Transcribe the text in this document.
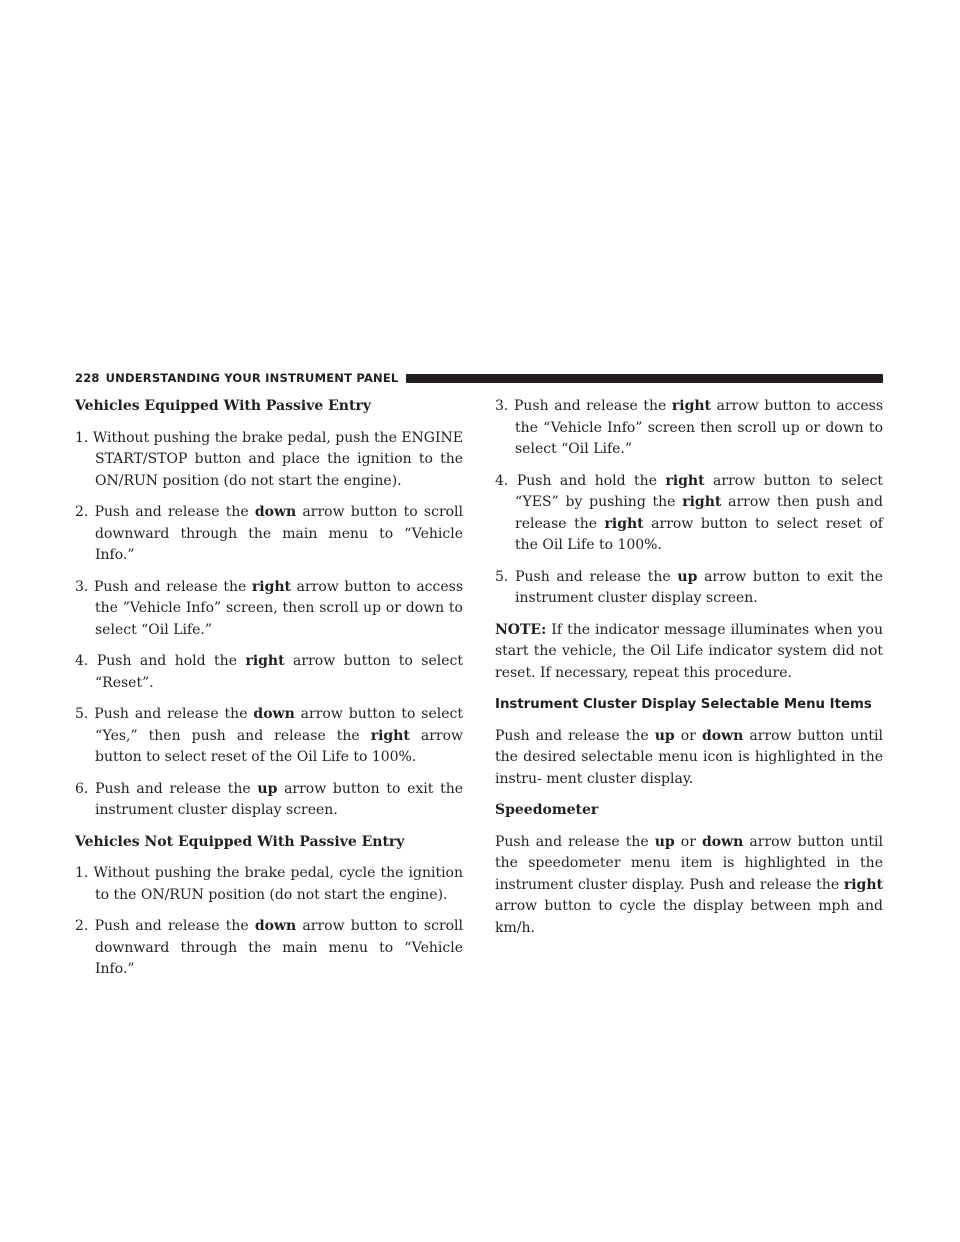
228 UNDERSTANDING YOUR INSTRUMENT PANEL
Vehicles Equipped With Passive Entry
1. Without pushing the brake pedal, push the ENGINE START/STOP button and place the ignition to the ON/RUN position (do not start the engine).
2. Push and release the down arrow button to scroll downward through the main menu to “Vehicle Info.”
3. Push and release the right arrow button to access the ”Vehicle Info” screen, then scroll up or down to select “Oil Life.”
4. Push and hold the right arrow button to select “Reset”.
5. Push and release the down arrow button to select “Yes,” then push and release the right arrow button to select reset of the Oil Life to 100%.
6. Push and release the up arrow button to exit the instrument cluster display screen.
Vehicles Not Equipped With Passive Entry
1. Without pushing the brake pedal, cycle the ignition to the ON/RUN position (do not start the engine).
2. Push and release the down arrow button to scroll downward through the main menu to “Vehicle Info.”
3. Push and release the right arrow button to access the “Vehicle Info” screen then scroll up or down to select “Oil Life.”
4. Push and hold the right arrow button to select “YES” by pushing the right arrow then push and release the right arrow button to select reset of the Oil Life to 100%.
5. Push and release the up arrow button to exit the instrument cluster display screen.

NOTE: If the indicator message illuminates when you start the vehicle, the Oil Life indicator system did not reset. If necessary, repeat this procedure.

Instrument Cluster Display Selectable Menu Items

Push and release the up or down arrow button until the desired selectable menu icon is highlighted in the instru- ment cluster display.

Speedometer

Push and release the up or down arrow button until the speedometer menu item is highlighted in the instrument cluster display. Push and release the right arrow button to cycle the display between mph and km/h.
